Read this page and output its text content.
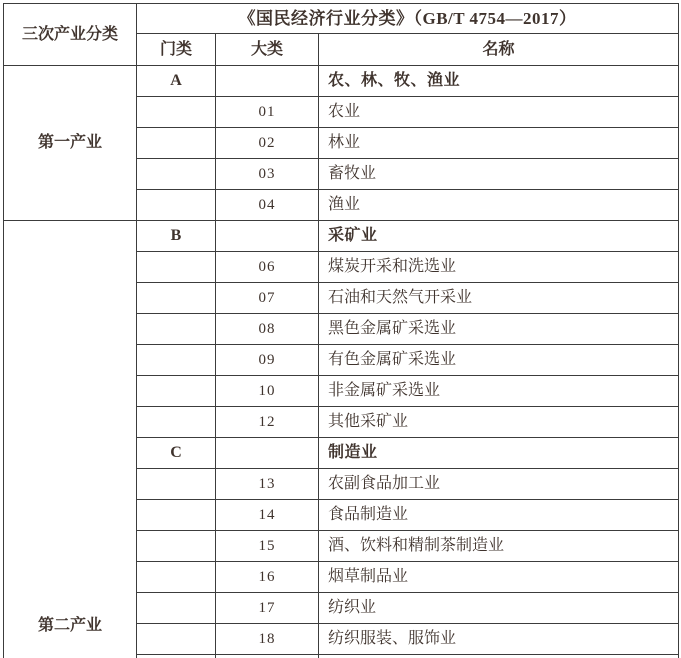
三次产业分类	《国民经济行业分类》（GB/T 4754—2017）		
	门类	大类	名称
第一产业	A		农、林、牧、渔业
		01	农业
		02	林业
		03	畜牧业
		04	渔业

第二产业	B		采矿业
		06	煤炭开采和洗选业
		07	石油和天然气开采业
		08	黑色金属矿采选业
		09	有色金属矿采选业
		10	非金属矿采选业
		12	其他采矿业
	C		制造业
		13	农副食品加工业
		14	食品制造业
		15	酒、饮料和精制茶制造业
		16	烟草制品业
		17	纺织业
		18	纺织服装、服饰业
